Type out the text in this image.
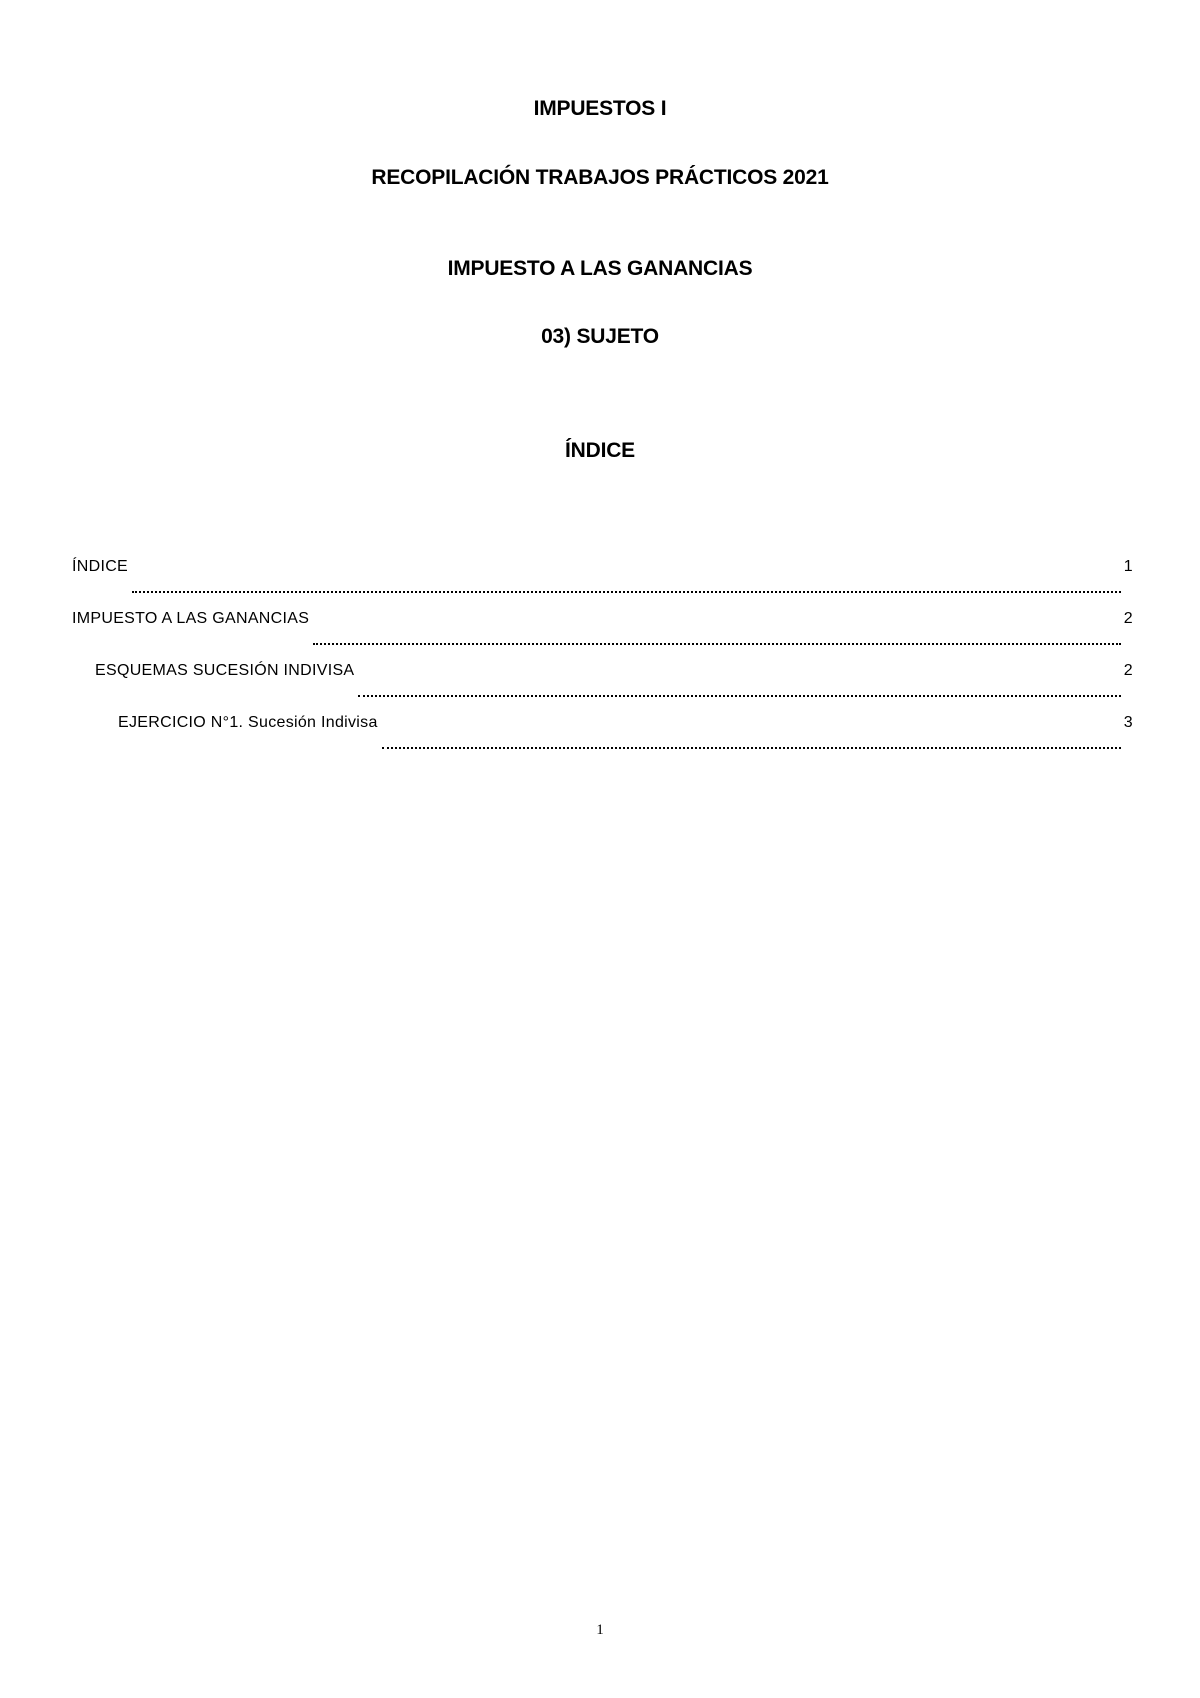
IMPUESTOS I
RECOPILACIÓN TRABAJOS PRÁCTICOS 2021
IMPUESTO A LAS GANANCIAS
03) SUJETO
ÍNDICE
ÍNDICE	1
IMPUESTO A LAS GANANCIAS	2
ESQUEMAS SUCESIÓN INDIVISA	2
EJERCICIO N°1. Sucesión Indivisa	3
1
